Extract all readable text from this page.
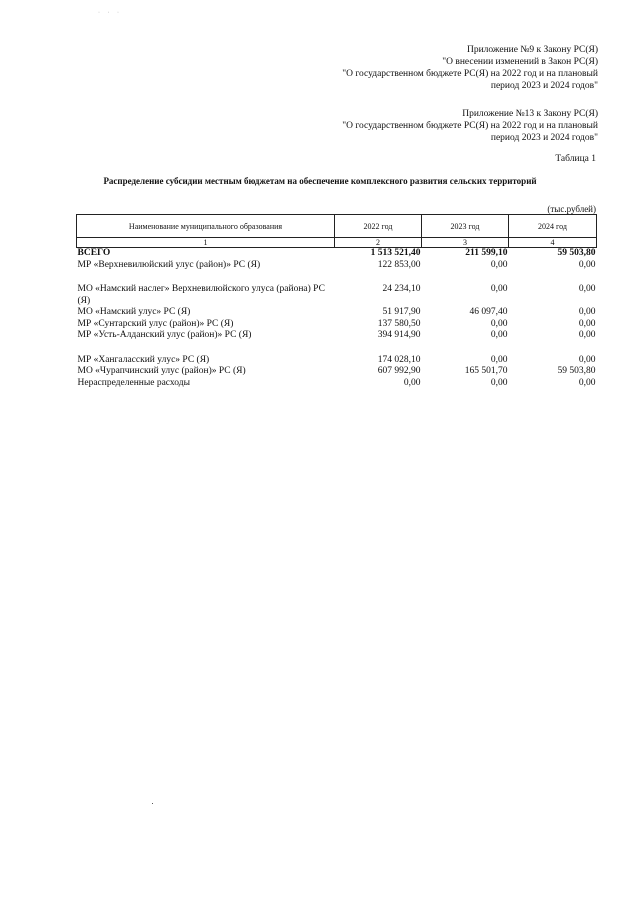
· · ·
Приложение №9 к Закону РС(Я)
"О внесении изменений в Закон РС(Я)
"О государственном бюджете РС(Я) на 2022 год и на плановый
период 2023 и 2024 годов"
Приложение №13 к Закону РС(Я)
"О государственном бюджете РС(Я) на 2022 год и на плановый
период 2023 и 2024 годов"
Таблица 1
Распределение субсидии местным бюджетам на обеспечение комплексного развития сельских территорий
(тыс.рублей)
Наименование муниципального образования	2022 год	2023 год	2024 год
1	2	3	4
ВСЕГО	1 513 521,40	211 599,10	59 503,80
МР «Верхневилюйский улус (район)» РС (Я)	122 853,00	0,00	0,00

МО «Намский наслег» Верхневилюйского улуса (района) РС (Я)	24 234,10	0,00	0,00
МО «Намский улус» РС (Я)	51 917,90	46 097,40	0,00
МР «Сунтарский улус (район)» РС (Я)	137 580,50	0,00	0,00
МР «Усть-Алданский улус (район)» РС (Я)	394 914,90	0,00	0,00

МР «Хангаласский улус» РС (Я)	174 028,10	0,00	0,00
МО «Чурапчинский улус (район)» РС (Я)	607 992,90	165 501,70	59 503,80
Нераспределенные расходы	0,00	0,00	0,00
